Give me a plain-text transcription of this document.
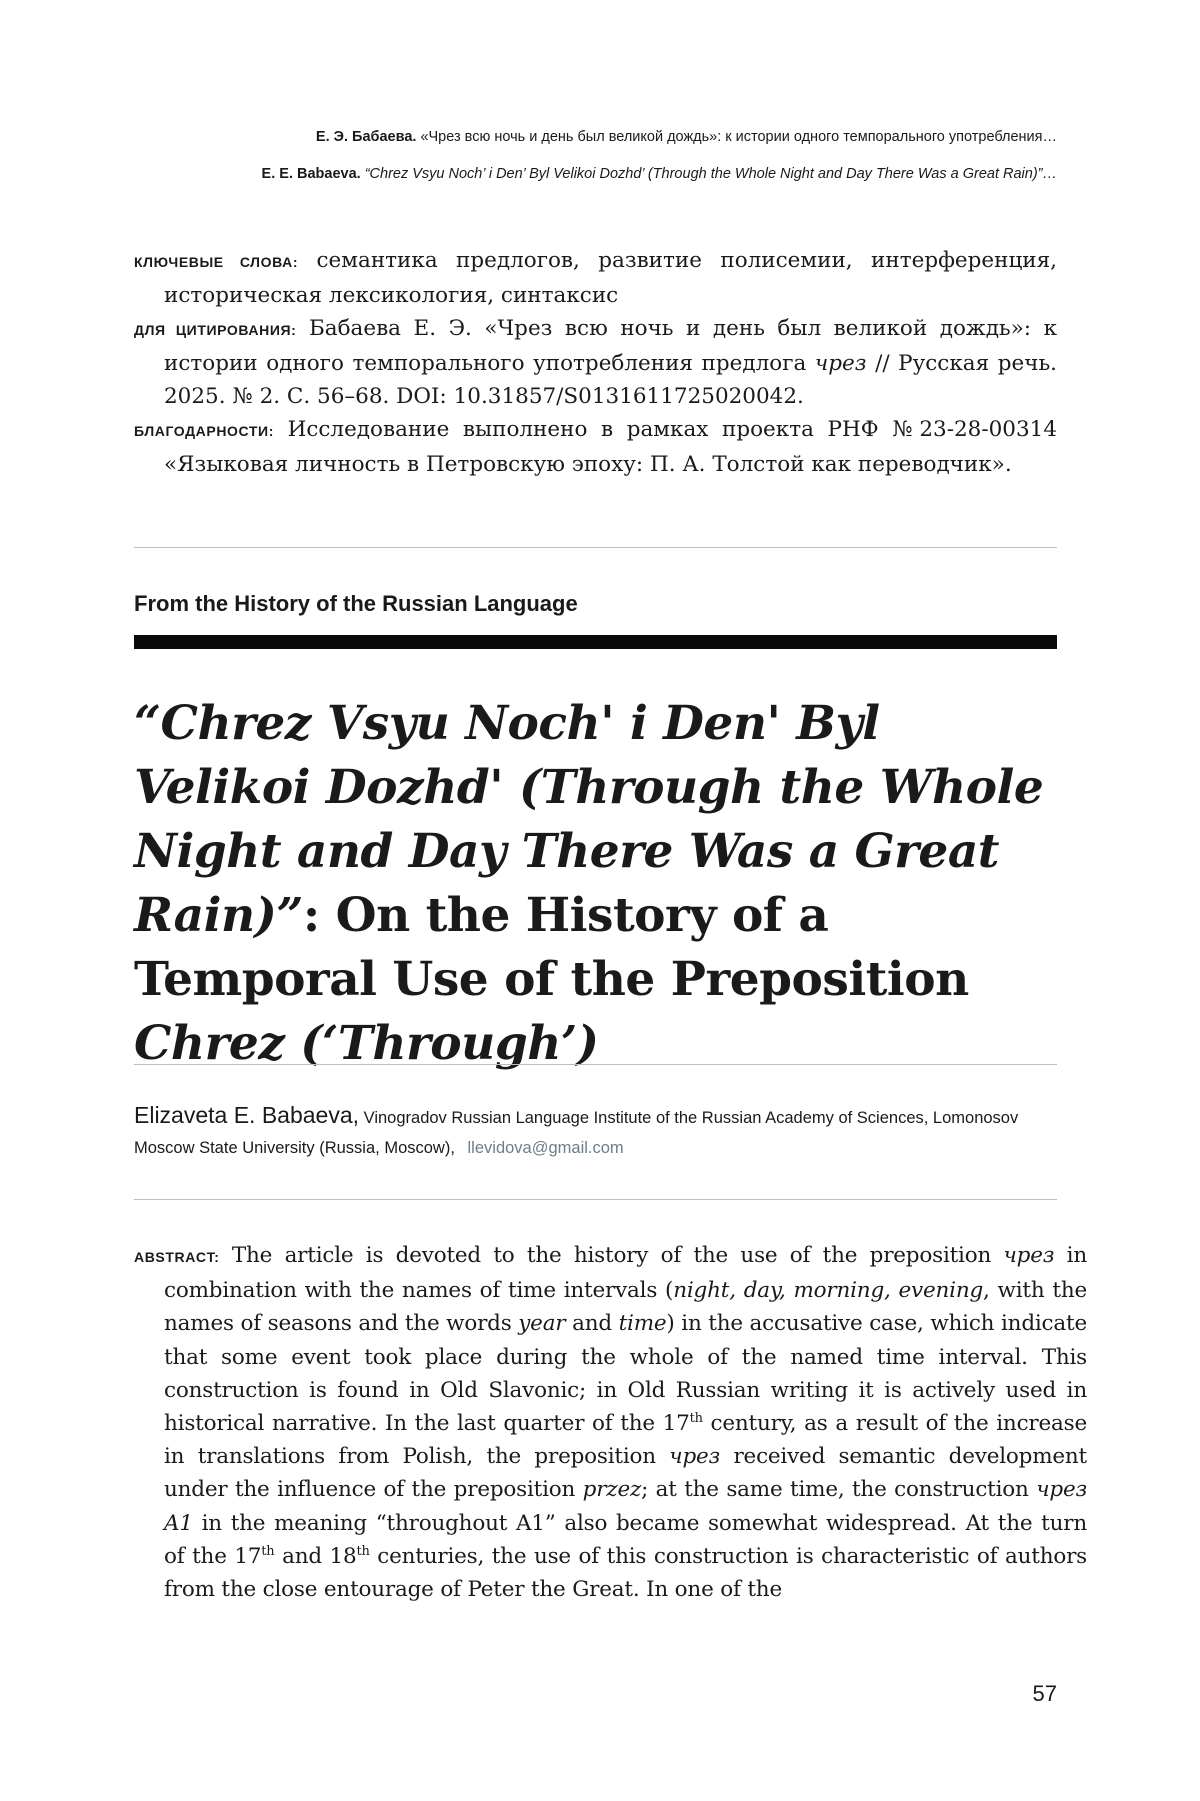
Е. Э. Бабаева. «Чрез всю ночь и день был великой дождь»: к истории одного темпорального употребления…
E. E. Babaeva. “Chrez Vsyu Noch’ i Den’ Byl Velikoi Dozhd’ (Through the Whole Night and Day There Was a Great Rain)”…

КЛЮЧЕВЫЕ СЛОВА: семантика предлогов, развитие полисемии, интерференция, историческая лексикология, синтаксис

ДЛЯ ЦИТИРОВАНИЯ: Бабаева Е. Э. «Чрез всю ночь и день был великой дождь»: к истории одного темпорального употребления предлога чрез // Русская речь. 2025. № 2. С. 56–68. DOI: 10.31857/S0131611725020042.

БЛАГОДАРНОСТИ: Исследование выполнено в рамках проекта РНФ №23-28-00314 «Языковая личность в Петровскую эпоху: П. А. Толстой как переводчик».

From the History of the Russian Language
“Chrez Vsyu Noch' i Den' Byl Velikoi Dozhd' (Through the Whole Night and Day There Was a Great Rain)”: On the History of a Temporal Use of the Preposition Chrez (‘Through’)
Elizaveta E. Babaeva, Vinogradov Russian Language Institute of the Russian Academy of Sciences, Lomonosov Moscow State University (Russia, Moscow), llevidova@gmail.com

ABSTRACT: The article is devoted to the history of the use of the preposition чрез in combination with the names of time intervals (night, day, morning, evening, with the names of seasons and the words year and time) in the accusative case, which indicate that some event took place during the whole of the named time interval. This construction is found in Old Slavonic; in Old Russian writing it is actively used in historical narrative. In the last quarter of the 17th century, as a result of the increase in translations from Polish, the preposition чрез received semantic development under the influence of the preposition przez; at the same time, the construction чрез A1 in the meaning “throughout A1” also became somewhat widespread. At the turn of the 17th and 18th centuries, the use of this construction is characteristic of authors from the close entourage of Peter the Great. In one of the

57
